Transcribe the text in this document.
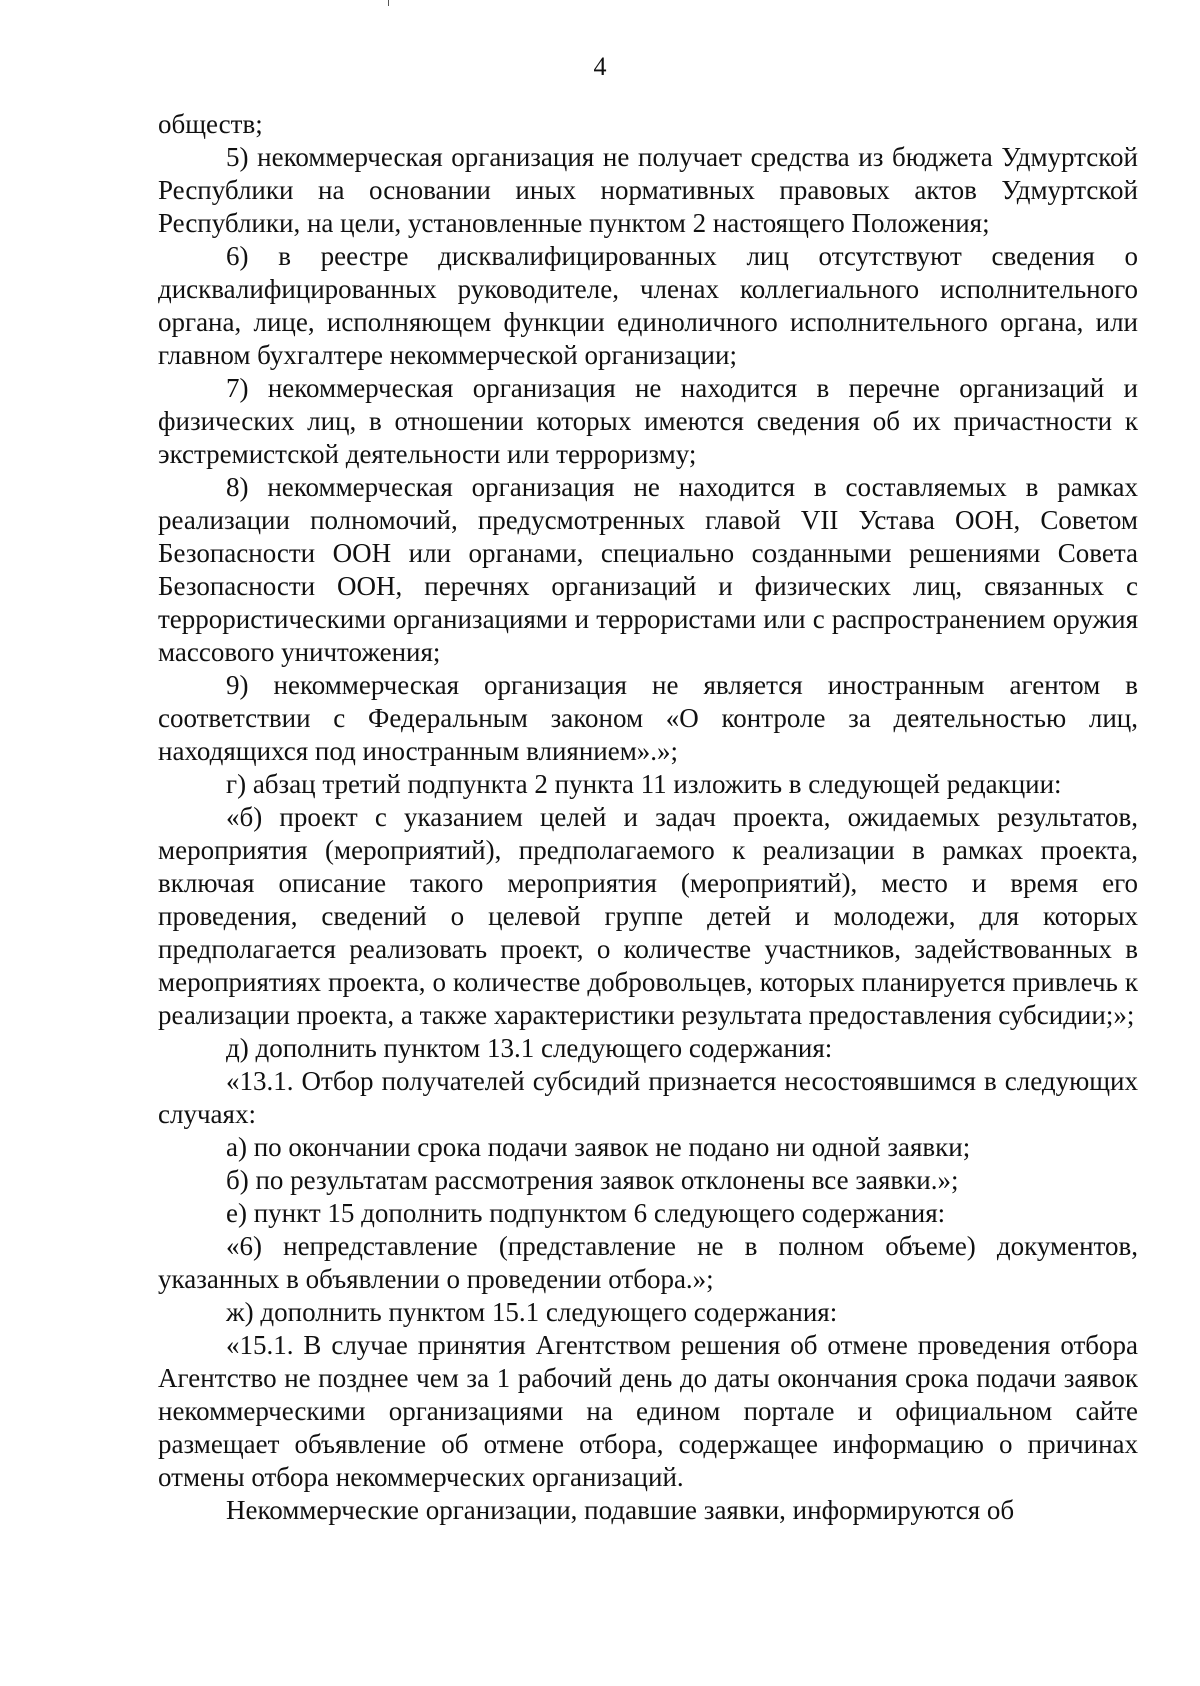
4

обществ;

5) некоммерческая организация не получает средства из бюджета Удмуртской Республики на основании иных нормативных правовых актов Удмуртской Республики, на цели, установленные пунктом 2 настоящего Положения;

6) в реестре дисквалифицированных лиц отсутствуют сведения о дисквалифицированных руководителе, членах коллегиального исполнительного органа, лице, исполняющем функции единоличного исполнительного органа, или главном бухгалтере некоммерческой организации;

7) некоммерческая организация не находится в перечне организаций и физических лиц, в отношении которых имеются сведения об их причастности к экстремистской деятельности или терроризму;

8) некоммерческая организация не находится в составляемых в рамках реализации полномочий, предусмотренных главой VII Устава ООН, Советом Безопасности ООН или органами, специально созданными решениями Совета Безопасности ООН, перечнях организаций и физических лиц, связанных с террористическими организациями и террористами или с распространением оружия массового уничтожения;

9) некоммерческая организация не является иностранным агентом в соответствии с Федеральным законом «О контроле за деятельностью лиц, находящихся под иностранным влиянием».»;

г) абзац третий подпункта 2 пункта 11 изложить в следующей редакции:

«б) проект с указанием целей и задач проекта, ожидаемых результатов, мероприятия (мероприятий), предполагаемого к реализации в рамках проекта, включая описание такого мероприятия (мероприятий), место и время его проведения, сведений о целевой группе детей и молодежи, для которых предполагается реализовать проект, о количестве участников, задействованных в мероприятиях проекта, о количестве добровольцев, которых планируется привлечь к реализации проекта, а также характеристики результата предоставления субсидии;»;

д) дополнить пунктом 13.1 следующего содержания:

«13.1. Отбор получателей субсидий признается несостоявшимся в следующих случаях:

а) по окончании срока подачи заявок не подано ни одной заявки;

б) по результатам рассмотрения заявок отклонены все заявки.»;

е) пункт 15 дополнить подпунктом 6 следующего содержания:

«6) непредставление (представление не в полном объеме) документов, указанных в объявлении о проведении отбора.»;

ж) дополнить пунктом 15.1 следующего содержания:

«15.1. В случае принятия Агентством решения об отмене проведения отбора Агентство не позднее чем за 1 рабочий день до даты окончания срока подачи заявок некоммерческими организациями на едином портале и официальном сайте размещает объявление об отмене отбора, содержащее информацию о причинах отмены отбора некоммерческих организаций.

Некоммерческие организации, подавшие заявки, информируются об
